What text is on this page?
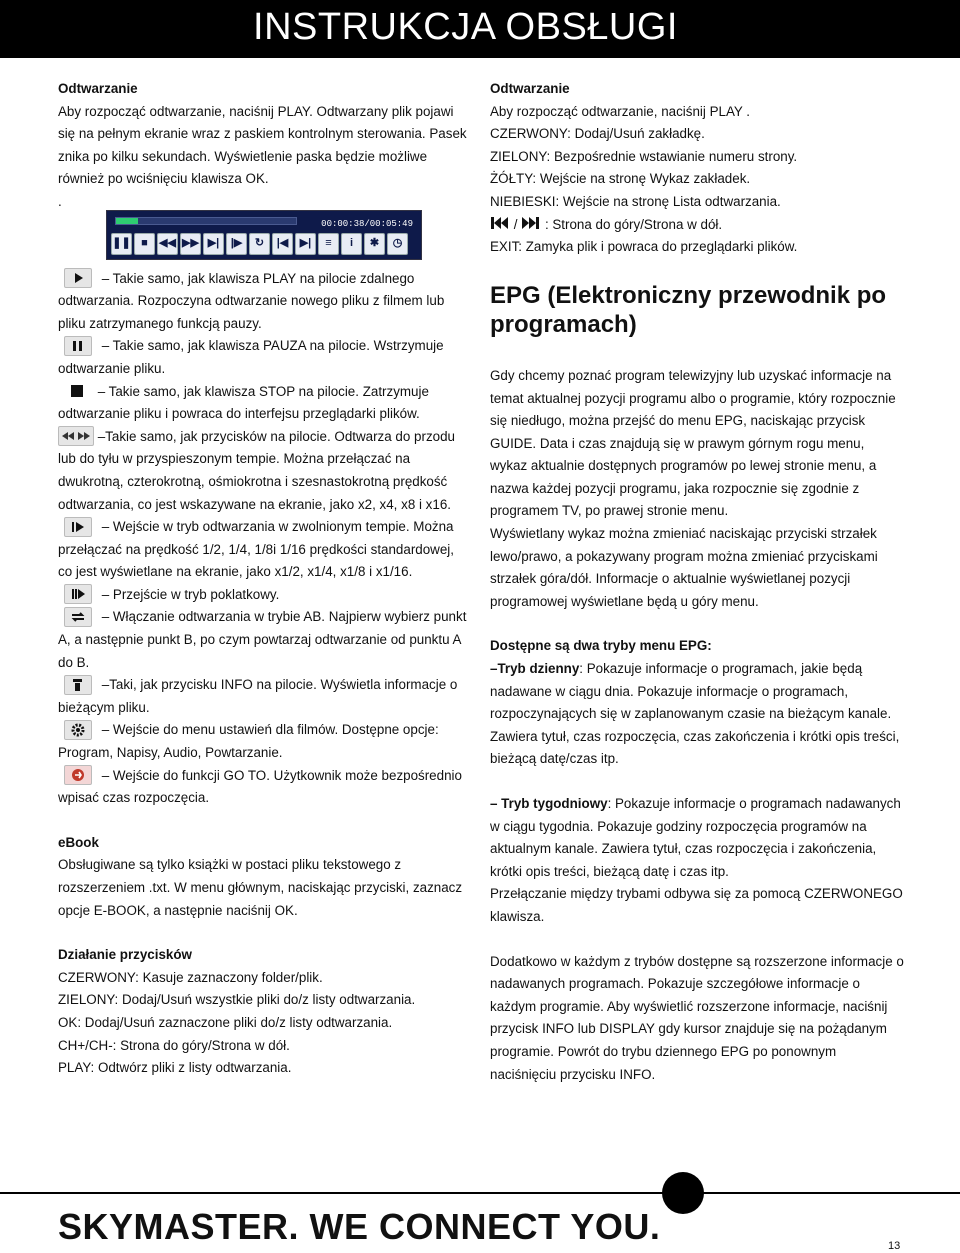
INSTRUKCJA OBSŁUGI

Odtwarzanie

Aby rozpocząć odtwarzanie, naciśnij PLAY. Odtwarzany plik pojawi się na pełnym ekranie wraz z paskiem kontrolnym sterowania. Pasek znika po kilku sekundach. Wyświetlenie paska będzie możliwe również po wciśnięciu klawisza OK.

.

00:00:38/00:05:49
❚❚ ■	◀◀ ▶▶ ▶|	|▶	↻	|◀	▶|	≡	i	✱	◷

– Takie samo, jak klawisza PLAY na pilocie zdalnego odtwarzania. Rozpoczyna odtwarzanie nowego pliku z filmem lub pliku zatrzymanego funkcją pauzy.

– Takie samo, jak klawisza PAUZA na pilocie. Wstrzymuje odtwarzanie pliku.

– Takie samo, jak klawisza STOP na pilocie. Zatrzymuje odtwarzanie pliku i powraca do interfejsu przeglądarki plików.

–Takie samo, jak przycisków na pilocie. Odtwarza do przodu lub do tyłu w przyspieszonym tempie. Można przełączać na dwukrotną, czterokrotną, ośmiokrotna i szesnastokrotną prędkość odtwarzania, co jest wskazywane na ekranie, jako x2, x4, x8 i x16.

– Wejście w tryb odtwarzania w zwolnionym tempie. Można przełączać na prędkość 1/2, 1/4, 1/8i 1/16 prędkości standardowej, co jest wyświetlane na ekranie, jako x1/2, x1/4, x1/8 i x1/16.

– Przejście w tryb poklatkowy.

– Włączanie odtwarzania w trybie AB. Najpierw wybierz punkt A, a następnie punkt B, po czym powtarzaj odtwarzanie od punktu A do B.

–Taki, jak przycisku INFO na pilocie. Wyświetla informacje o bieżącym pliku.

– Wejście do menu ustawień dla filmów. Dostępne opcje: Program, Napisy, Audio, Powtarzanie.

– Wejście do funkcji GO TO. Użytkownik może bezpośrednio wpisać czas rozpoczęcia.

eBook

Obsługiwane są tylko książki w postaci pliku tekstowego z rozszerzeniem .txt. W menu głównym, naciskając przyciski, zaznacz opcje E-BOOK, a następnie naciśnij OK.

Działanie przycisków

CZERWONY: Kasuje zaznaczony folder/plik.

ZIELONY: Dodaj/Usuń wszystkie pliki do/z listy odtwarzania.

OK: Dodaj/Usuń zaznaczone pliki do/z listy odtwarzania.

CH+/CH-: Strona do góry/Strona w dół.

PLAY: Odtwórz pliki z listy odtwarzania.

Odtwarzanie

Aby rozpocząć odtwarzanie, naciśnij PLAY .

CZERWONY: Dodaj/Usuń zakładkę.

ZIELONY: Bezpośrednie wstawianie numeru strony.

ŻÓŁTY: Wejście na stronę Wykaz zakładek.

NIEBIESKI: Wejście na stronę Lista odtwarzania.

/ : Strona do góry/Strona w dół.

EXIT: Zamyka plik i powraca do przeglądarki plików.

EPG (Elektroniczny przewodnik po programach)

Gdy chcemy poznać program telewizyjny lub uzyskać informacje na temat aktualnej pozycji programu albo o programie, który rozpocznie się niedługo, można przejść do menu EPG, naciskając przycisk GUIDE. Data i czas znajdują się w prawym górnym rogu menu, wykaz aktualnie dostępnych programów po lewej stronie menu, a nazwa każdej pozycji programu, jaka rozpocznie się zgodnie z programem TV, po prawej stronie menu.

Wyświetlany wykaz można zmieniać naciskając przyciski strzałek lewo/prawo, a pokazywany program można zmieniać przyciskami strzałek góra/dół. Informacje o aktualnie wyświetlanej pozycji programowej wyświetlane będą u góry menu.

Dostępne są dwa tryby menu EPG:

–Tryb dzienny: Pokazuje informacje o programach, jakie będą nadawane w ciągu dnia. Pokazuje informacje o programach, rozpoczynających się w zaplanowanym czasie na bieżącym kanale. Zawiera tytuł, czas rozpoczęcia, czas zakończenia i krótki opis treści, bieżącą datę/czas itp.

– Tryb tygodniowy: Pokazuje informacje o programach nadawanych w ciągu tygodnia. Pokazuje godziny rozpoczęcia programów na aktualnym kanale. Zawiera tytuł, czas rozpoczęcia i zakończenia, krótki opis treści, bieżącą datę i czas itp.

Przełączanie między trybami odbywa się za pomocą CZERWONEGO klawisza.

Dodatkowo w każdym z trybów dostępne są rozszerzone informacje o nadawanych programach. Pokazuje szczegółowe informacje o każdym programie. Aby wyświetlić rozszerzone informacje, naciśnij przycisk INFO lub DISPLAY gdy kursor znajduje się na pożądanym programie. Powrót do trybu dziennego EPG po ponownym naciśnięciu przycisku INFO.

SKYMASTER. WE CONNECT YOU.	13
